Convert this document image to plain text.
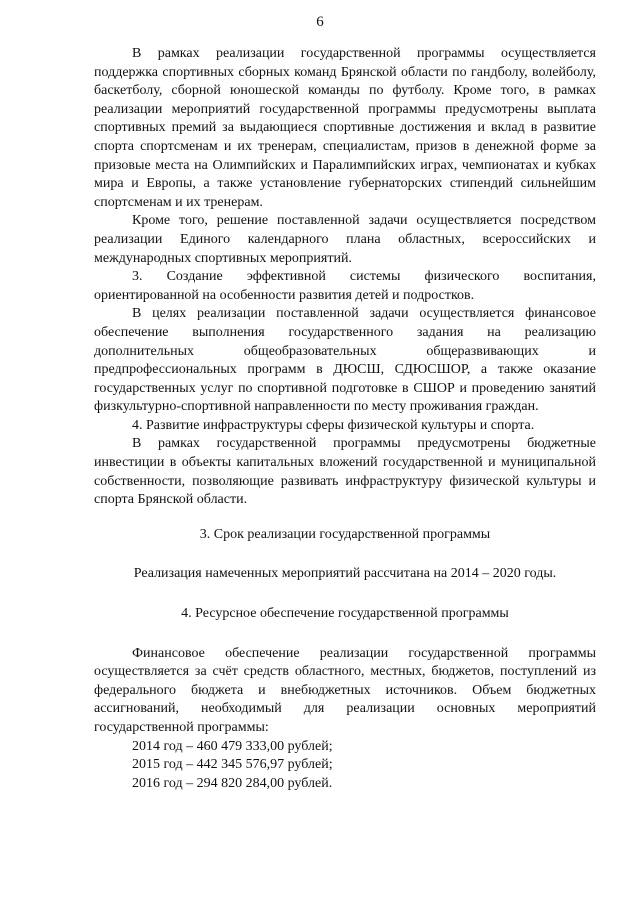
6

В рамках реализации государственной программы осуществляется поддержка спортивных сборных команд Брянской области по гандболу, волейболу, баскетболу, сборной юношеской команды по футболу. Кроме того, в рамках реализации мероприятий государственной программы предусмотрены выплата спортивных премий за выдающиеся спортивные достижения и вклад в развитие спорта спортсменам и их тренерам, специалистам, призов в денежной форме за призовые места на Олимпийских и Паралимпийских играх, чемпионатах и кубках мира и Европы, а также установление губернаторских стипендий сильнейшим спортсменам и их тренерам.

Кроме того, решение поставленной задачи осуществляется посредством реализации Единого календарного плана областных, всероссийских и международных спортивных мероприятий.

3. Создание эффективной системы физического воспитания, ориентированной на особенности развития детей и подростков.

В целях реализации поставленной задачи осуществляется финансовое обеспечение выполнения государственного задания на реализацию дополнительных общеобразовательных общеразвивающих и предпрофессиональных программ в ДЮСШ, СДЮСШОР, а также оказание государственных услуг по спортивной подготовке в СШОР и проведению занятий физкультурно-спортивной направленности по месту проживания граждан.

4. Развитие инфраструктуры сферы физической культуры и спорта.

В рамках государственной программы предусмотрены бюджетные инвестиции в объекты капитальных вложений государственной и муниципальной собственности, позволяющие развивать инфраструктуру физической культуры и спорта Брянской области.

3. Срок реализации государственной программы

Реализация намеченных мероприятий рассчитана на 2014 – 2020 годы.

4. Ресурсное обеспечение государственной программы

Финансовое обеспечение реализации государственной программы осуществляется за счёт средств областного, местных, бюджетов, поступлений из федерального бюджета и внебюджетных источников. Объем бюджетных ассигнований, необходимый для реализации основных мероприятий государственной программы:

2014 год – 460 479 333,00 рублей;

2015 год – 442 345 576,97 рублей;

2016 год – 294 820 284,00 рублей.
